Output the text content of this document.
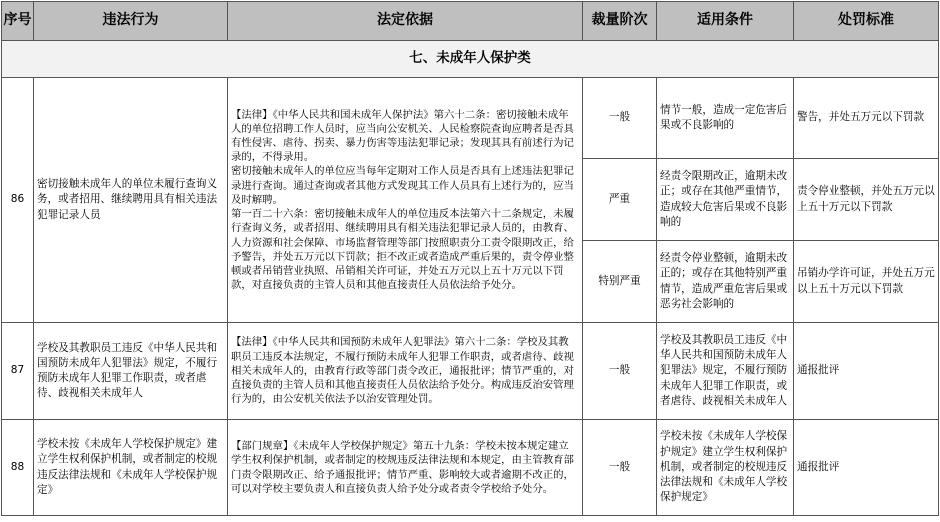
序号	违法行为	法定依据	裁量阶次	适用条件	处罚标准
七、未成年人保护类					
86	密切接触未成年人的单位未履行查询义务，或者招用、继续聘用具有相关违法犯罪记录人员	【法律】《中华人民共和国未成年人保护法》第六十二条：密切接触未成年人的单位招聘工作人员时，应当向公安机关、人民检察院查询应聘者是否具有性侵害、虐待、拐卖、暴力伤害等违法犯罪记录；发现其具有前述行为记录的，不得录用。
密切接触未成年人的单位应当每年定期对工作人员是否具有上述违法犯罪记录进行查询。通过查询或者其他方式发现其工作人员具有上述行为的，应当及时解聘。
第一百二十六条：密切接触未成年人的单位违反本法第六十二条规定，未履行查询义务，或者招用、继续聘用具有相关违法犯罪记录人员的，由教育、人力资源和社会保障、市场监督管理等部门按照职责分工责令限期改正，给予警告，并处五万元以下罚款；拒不改正或者造成严重后果的，责令停业整顿或者吊销营业执照、吊销相关许可证，并处五万元以上五十万元以下罚款，对直接负责的主管人员和其他直接责任人员依法给予处分。	一般	情节一般，造成一定危害后果或不良影响的	警告，并处五万元以下罚款
			严重	经责令限期改正，逾期未改正；或存在其他严重情节，造成较大危害后果或不良影响的	责令停业整顿，并处五万元以上五十万元以下罚款
			特别严重	经责令停业整顿，逾期未改正的；或存在其他特别严重情节，造成严重危害后果或恶劣社会影响的	吊销办学许可证，并处五万元以上五十万元以下罚款
87	学校及其教职员工违反《中华人民共和国预防未成年人犯罪法》规定，不履行预防未成年人犯罪工作职责，或者虐待、歧视相关未成年人	【法律】《中华人民共和国预防未成年人犯罪法》第六十二条：学校及其教职员工违反本法规定，不履行预防未成年人犯罪工作职责，或者虐待、歧视相关未成年人的，由教育行政等部门责令改正，通报批评；情节严重的，对直接负责的主管人员和其他直接责任人员依法给予处分。构成违反治安管理行为的，由公安机关依法予以治安管理处罚。	一般	学校及其教职员工违反《中华人民共和国预防未成年人犯罪法》规定，不履行预防未成年人犯罪工作职责，或者虐待、歧视相关未成年人	通报批评
88	学校未按《未成年人学校保护规定》建立学生权利保护机制，或者制定的校规违反法律法规和《未成年人学校保护规定》	【部门规章】《未成年人学校保护规定》第五十九条：学校未按本规定建立学生权利保护机制，或者制定的校规违反法律法规和本规定，由主管教育部门责令限期改正、给予通报批评；情节严重、影响较大或者逾期不改正的，可以对学校主要负责人和直接负责人给予处分或者责令学校给予处分。	一般	学校未按《未成年人学校保护规定》建立学生权利保护机制，或者制定的校规违反法律法规和《未成年人学校保护规定》	通报批评
